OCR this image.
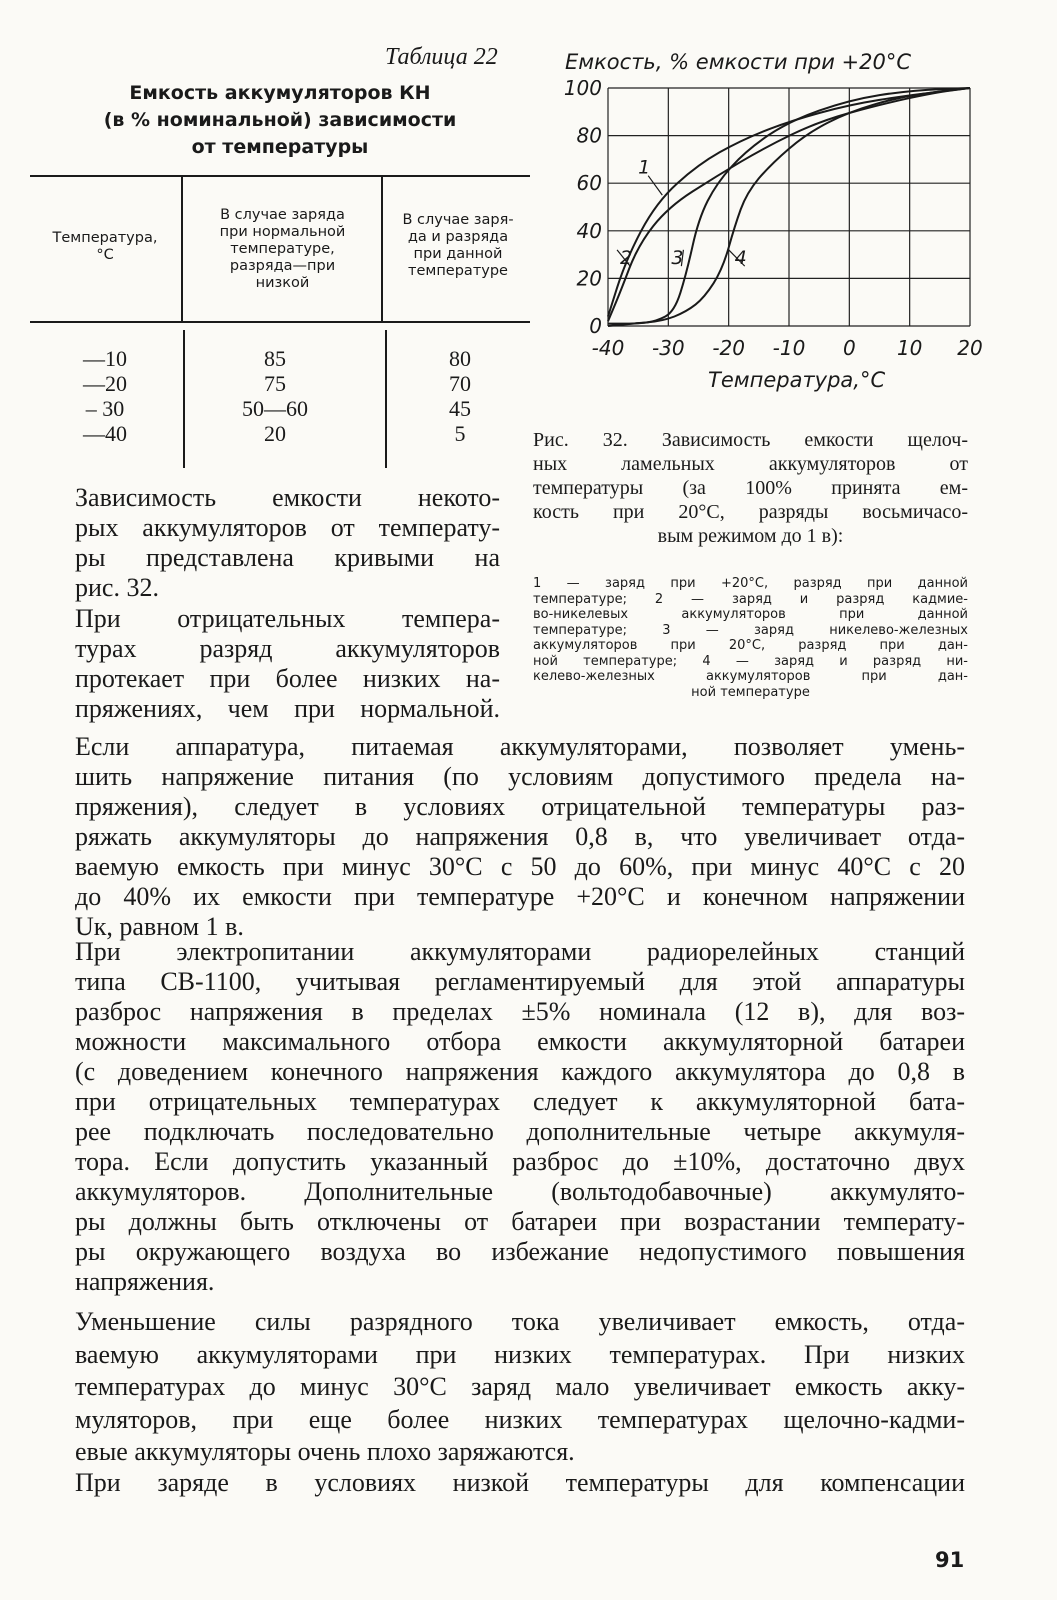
Таблица 22
Емкость аккумуляторов КН
(в % номинальной) зависимости
от температуры
Температура,
°С
В случае заряда
при нормальной
температуре,
разряда—при
низкой
В случае заря-
да и разряда
при данной
температуре
—10
—20
– 30
—40
85
75
50—60
20
80
70
45
5
Зависимость емкости некото-
рых аккумуляторов от температу-
ры представлена кривыми на
рис. 32.
При отрицательных темпера-
турах разряд аккумуляторов
протекает при более низких на-
пряжениях, чем при нормальной.
Емкость, % емкости при +20°С
0
20
40
60
80
100
-40 -30 -20 -10 0 10 20
1
2 3	4
Температура,°С
Рис. 32. Зависимость емкости щелоч-
ных ламельных аккумуляторов от
температуры (за 100% принята ем-
кость при 20°С, разряды восьмичасо-
вым режимом до 1 в):
1 — заряд при +20°С, разряд при данной
температуре; 2 — заряд и разряд кадмие-
во-никелевых аккумуляторов при данной
температуре; 3 — заряд никелево-железных
аккумуляторов при 20°С, разряд при дан-
ной температуре; 4 — заряд и разряд ни-
келево-железных аккумуляторов при дан-
ной температуре
Если аппаратура, питаемая аккумуляторами, позволяет умень-
шить напряжение питания (по условиям допустимого предела на-
пряжения), следует в условиях отрицательной температуры раз-
ряжать аккумуляторы до напряжения 0,8 в, что увеличивает отда-
ваемую емкость при минус 30°С с 50 до 60%, при минус 40°С с 20
до 40% их емкости при температуре +20°С и конечном напряжении
Uк, равном 1 в.
При электропитании аккумуляторами радиорелейных станций
типа СВ-1100, учитывая регламентируемый для этой аппаратуры
разброс напряжения в пределах ±5% номинала (12 в), для воз-
можности максимального отбора емкости аккумуляторной батареи
(с доведением конечного напряжения каждого аккумулятора до 0,8 в
при отрицательных температурах следует к аккумуляторной бата-
рее подключать последовательно дополнительные четыре аккумуля-
тора. Если допустить указанный разброс до ±10%, достаточно двух
аккумуляторов. Дополнительные (вольтодобавочные) аккумулято-
ры должны быть отключены от батареи при возрастании температу-
ры окружающего воздуха во избежание недопустимого повышения
напряжения.
Уменьшение силы разрядного тока увеличивает емкость, отда-
ваемую аккумуляторами при низких температурах. При низких
температурах до минус 30°С заряд мало увеличивает емкость акку-
муляторов, при еще более низких температурах щелочно-кадми-
евые аккумуляторы очень плохо заряжаются.
При заряде в условиях низкой температуры для компенсации
91
